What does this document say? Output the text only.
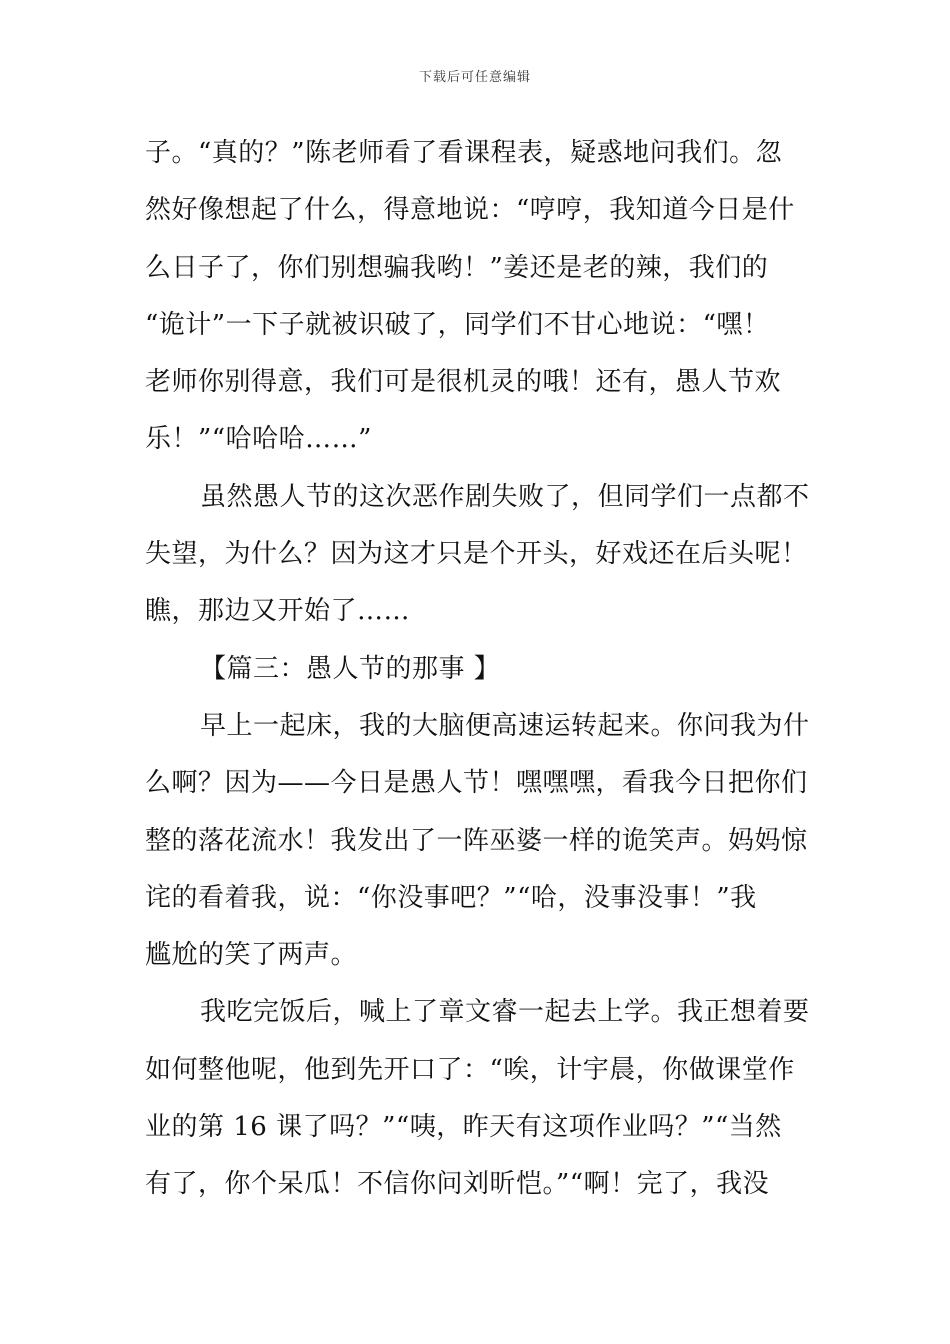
下载后可任意编辑
子。“真的？”陈老师看了看课程表，疑惑地问我们。忽
然好像想起了什么，得意地说：“哼哼，我知道今日是什
么日子了，你们别想骗我哟！”姜还是老的辣，我们的
“诡计”一下子就被识破了，同学们不甘心地说：“嘿！
老师你别得意，我们可是很机灵的哦！还有，愚人节欢
乐！”“哈哈哈……”
虽然愚人节的这次恶作剧失败了，但同学们一点都不
失望，为什么？因为这才只是个开头，好戏还在后头呢！
瞧，那边又开始了……
【篇三：愚人节的那事 】
早上一起床，我的大脑便高速运转起来。你问我为什
么啊？因为——今日是愚人节！嘿嘿嘿，看我今日把你们
整的落花流水！我发出了一阵巫婆一样的诡笑声。妈妈惊
诧的看着我，说：“你没事吧？”“哈，没事没事！”我
尴尬的笑了两声。
我吃完饭后，喊上了章文睿一起去上学。我正想着要
如何整他呢，他到先开口了：“唉，计宇晨，你做课堂作
业的第 16 课了吗？”“咦，昨天有这项作业吗？”“当然
有了，你个呆瓜！不信你问刘昕恺。”“啊！完了，我没
